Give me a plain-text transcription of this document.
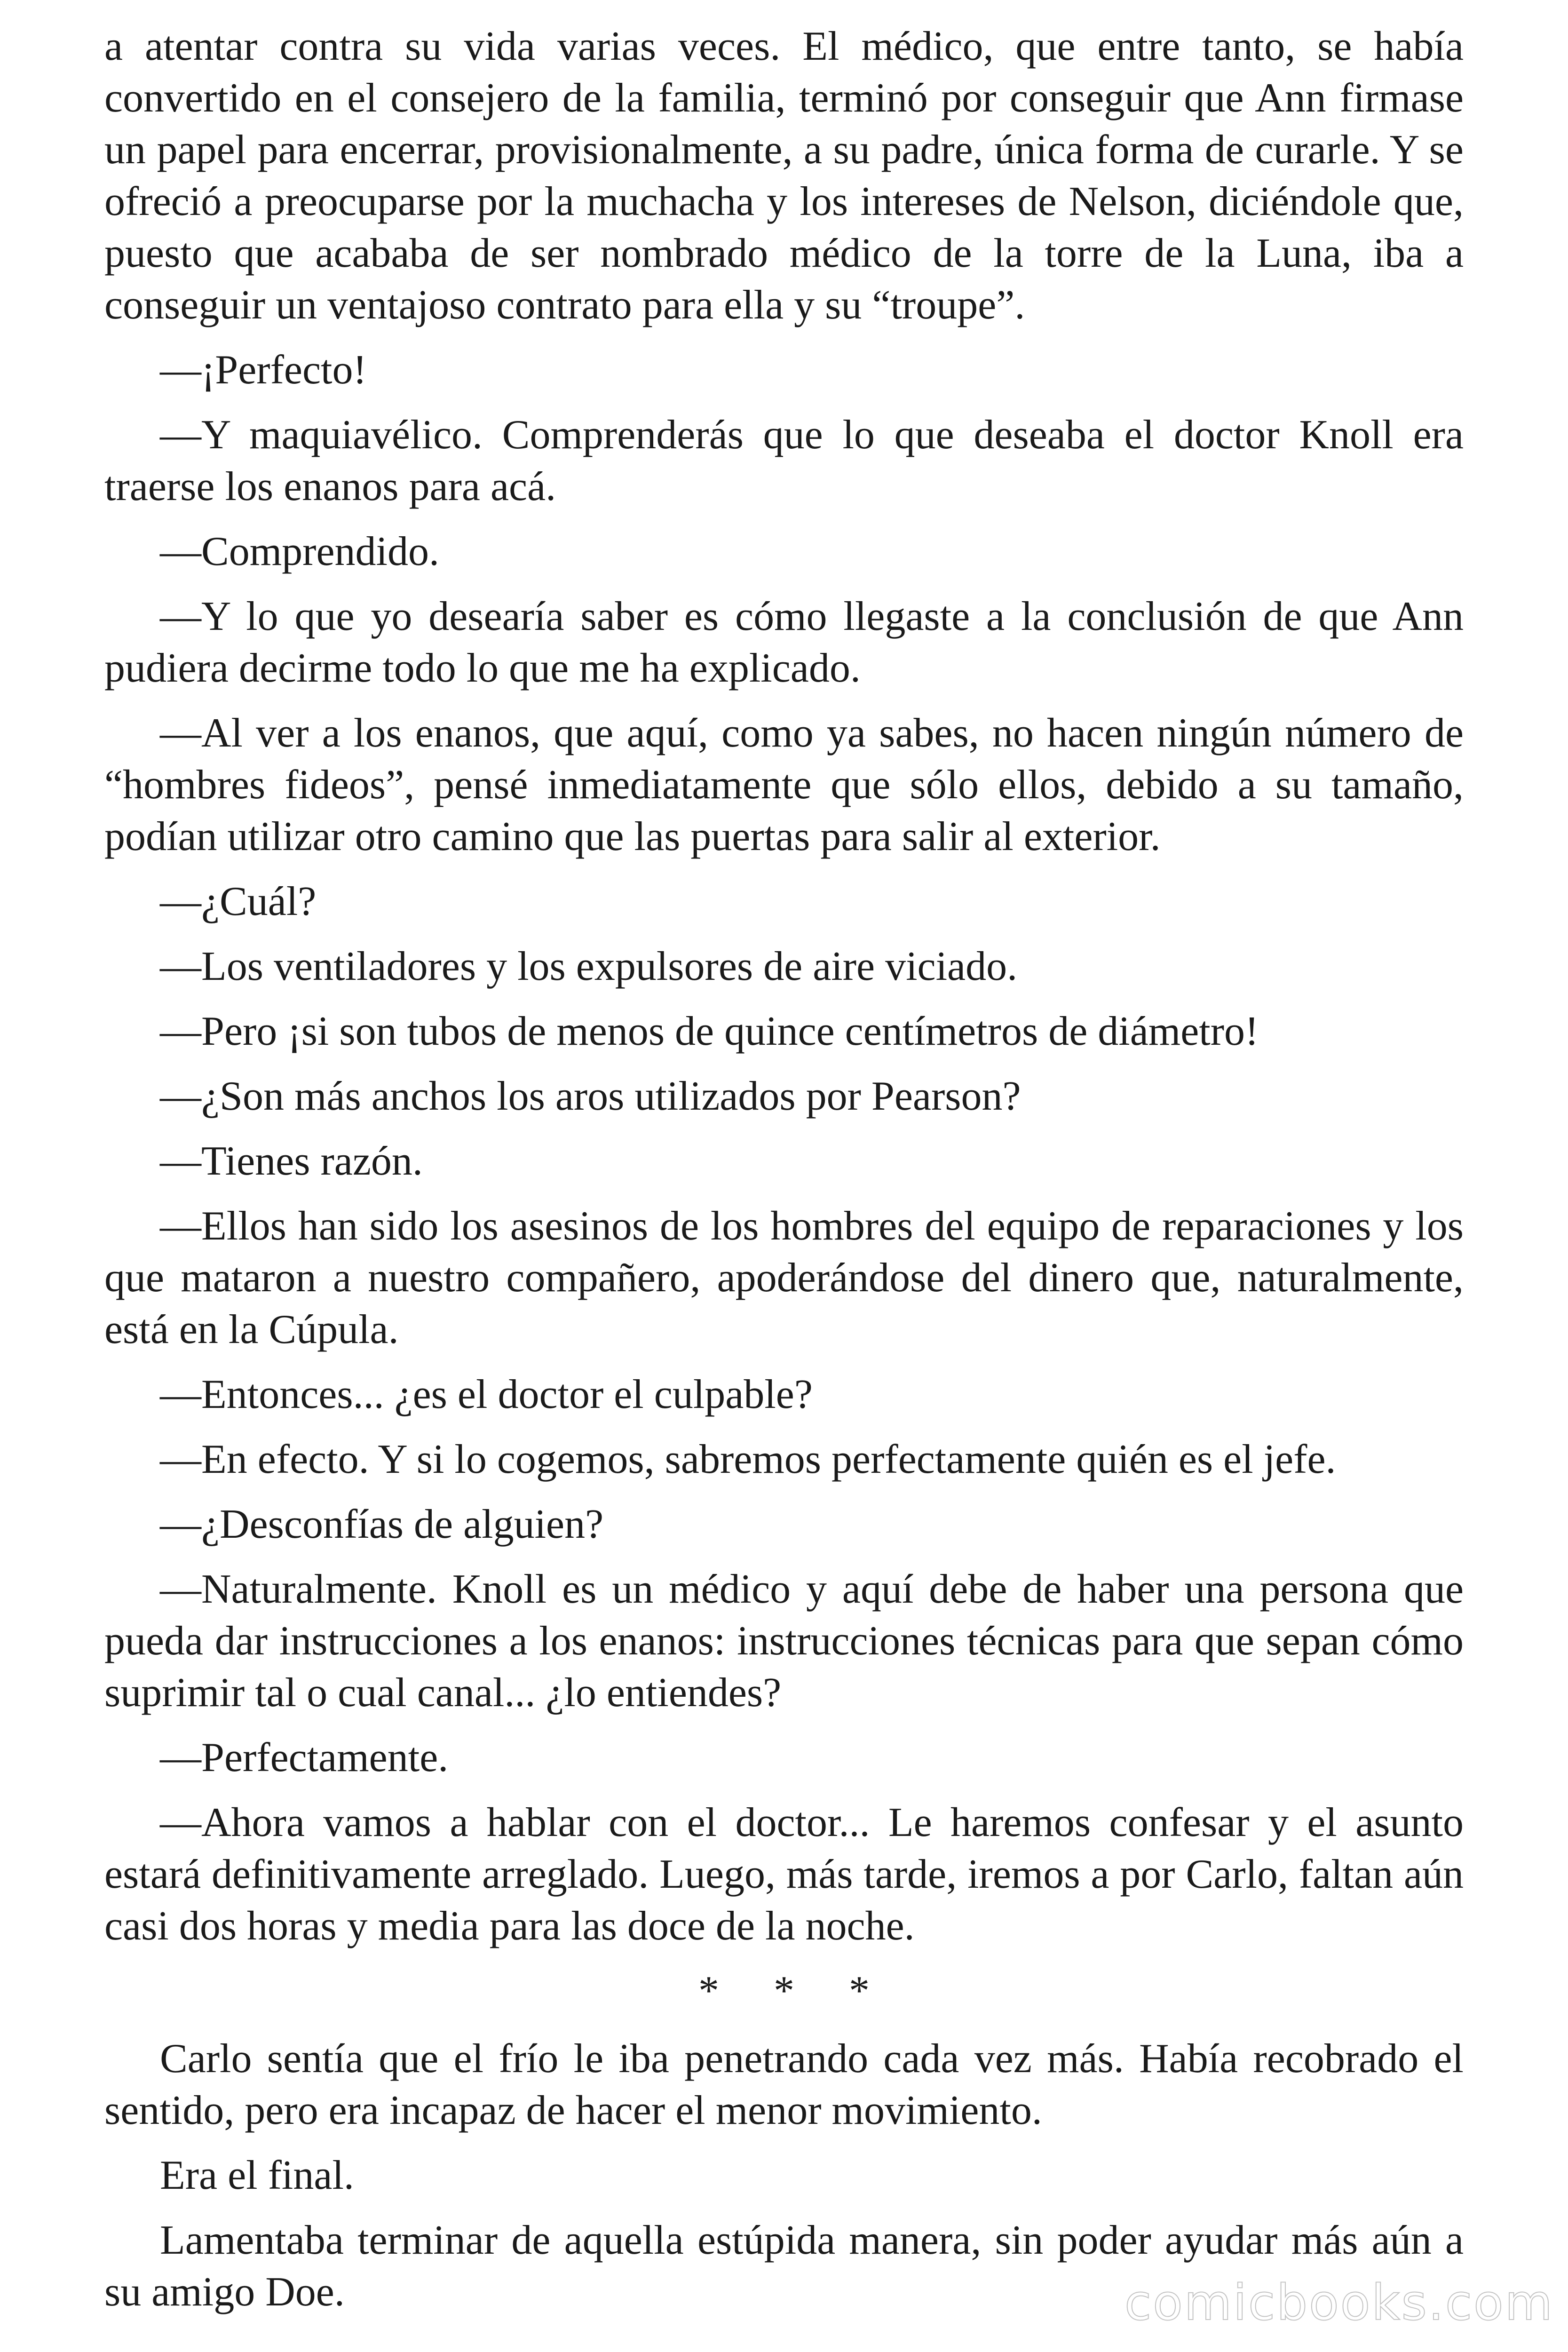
a atentar contra su vida varias veces. El médico, que entre tanto, se había convertido en el consejero de la familia, terminó por conseguir que Ann firmase un papel para encerrar, provisionalmente, a su padre, única forma de curarle. Y se ofreció a preocuparse por la muchacha y los intereses de Nelson, diciéndole que, puesto que acababa de ser nombrado médico de la torre de la Luna, iba a conseguir un ventajoso contrato para ella y su “troupe”.

—¡Perfecto!

—Y maquiavélico. Comprenderás que lo que deseaba el doctor Knoll era traerse los enanos para acá.

—Comprendido.

—Y lo que yo desearía saber es cómo llegaste a la conclusión de que Ann pudiera decirme todo lo que me ha explicado.

—Al ver a los enanos, que aquí, como ya sabes, no hacen ningún número de “hombres fideos”, pensé inmediatamente que sólo ellos, debido a su tamaño, podían utilizar otro camino que las puertas para salir al exterior.

—¿Cuál?

—Los ventiladores y los expulsores de aire viciado.

—Pero ¡si son tubos de menos de quince centímetros de diámetro!

—¿Son más anchos los aros utilizados por Pearson?

—Tienes razón.

—Ellos han sido los asesinos de los hombres del equipo de reparaciones y los que mataron a nuestro compañero, apoderándose del dinero que, naturalmente, está en la Cúpula.

—Entonces... ¿es el doctor el culpable?

—En efecto. Y si lo cogemos, sabremos perfectamente quién es el jefe.

—¿Desconfías de alguien?

—Naturalmente. Knoll es un médico y aquí debe de haber una persona que pueda dar instrucciones a los enanos: instrucciones técnicas para que sepan cómo suprimir tal o cual canal... ¿lo entiendes?

—Perfectamente.

—Ahora vamos a hablar con el doctor... Le haremos confesar y el asunto estará definitivamente arreglado. Luego, más tarde, iremos a por Carlo, faltan aún casi dos horas y media para las doce de la noche.

* * *

Carlo sentía que el frío le iba penetrando cada vez más. Había recobrado el sentido, pero era incapaz de hacer el menor movimiento.

Era el final.

Lamentaba terminar de aquella estúpida manera, sin poder ayudar más aún a su amigo Doe.	comicbooks.com
